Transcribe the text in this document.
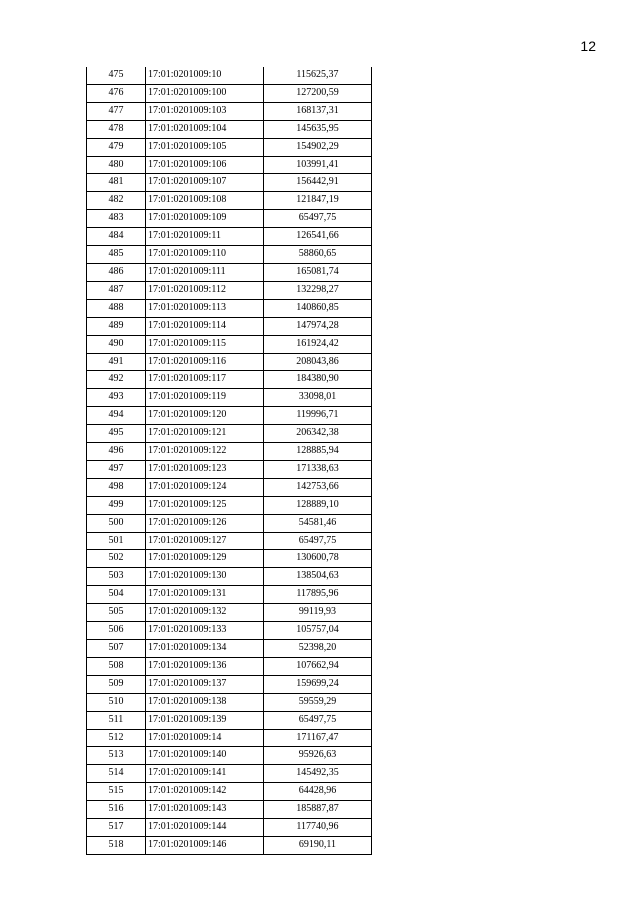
12
475	17:01:0201009:10	115625,37
476	17:01:0201009:100	127200,59
477	17:01:0201009:103	168137,31
478	17:01:0201009:104	145635,95
479	17:01:0201009:105	154902,29
480	17:01:0201009:106	103991,41
481	17:01:0201009:107	156442,91
482	17:01:0201009:108	121847,19
483	17:01:0201009:109	65497,75
484	17:01:0201009:11	126541,66
485	17:01:0201009:110	58860,65
486	17:01:0201009:111	165081,74
487	17:01:0201009:112	132298,27
488	17:01:0201009:113	140860,85
489	17:01:0201009:114	147974,28
490	17:01:0201009:115	161924,42
491	17:01:0201009:116	208043,86
492	17:01:0201009:117	184380,90
493	17:01:0201009:119	33098,01
494	17:01:0201009:120	119996,71
495	17:01:0201009:121	206342,38
496	17:01:0201009:122	128885,94
497	17:01:0201009:123	171338,63
498	17:01:0201009:124	142753,66
499	17:01:0201009:125	128889,10
500	17:01:0201009:126	54581,46
501	17:01:0201009:127	65497,75
502	17:01:0201009:129	130600,78
503	17:01:0201009:130	138504,63
504	17:01:0201009:131	117895,96
505	17:01:0201009:132	99119,93
506	17:01:0201009:133	105757,04
507	17:01:0201009:134	52398,20
508	17:01:0201009:136	107662,94
509	17:01:0201009:137	159699,24
510	17:01:0201009:138	59559,29
511	17:01:0201009:139	65497,75
512	17:01:0201009:14	171167,47
513	17:01:0201009:140	95926,63
514	17:01:0201009:141	145492,35
515	17:01:0201009:142	64428,96
516	17:01:0201009:143	185887,87
517	17:01:0201009:144	117740,96
518	17:01:0201009:146	69190,11
